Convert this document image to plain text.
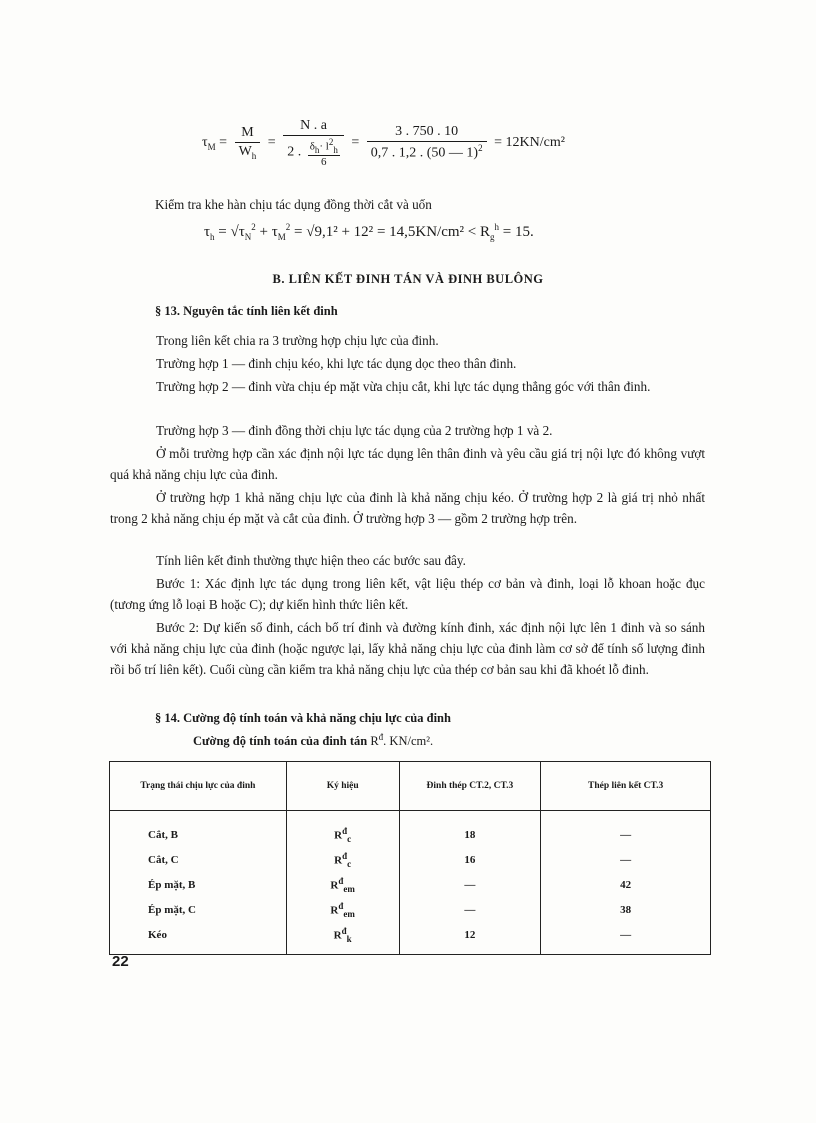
$\tau_M = \frac{M}{W_h} = \frac{N . a}{2 . \frac{\delta_h\cdot l^2_h}{6}} = \frac{3 . 750 . 10}{0,7 . 1,2 . (50 — 1)^2} = 12KN/cm^2$

Kiểm tra khe hàn chịu tác dụng đồng thời cắt và uốn

$\tau_h = √\tau_N^2 + \tau_M^2 = √9,1^2 + 12^2 = 14,5KN/cm^2 < R_g^h = 15$.
B. LIÊN KẾT ĐINH TÁN VÀ ĐINH BULÔNG
§ 13. Nguyên tắc tính liên kết đinh

Trong liên kết chia ra 3 trường hợp chịu lực của đinh.

Trường hợp 1 — đinh chịu kéo, khi lực tác dụng dọc theo thân đinh.

Trường hợp 2 — đinh vừa chịu ép mặt vừa chịu cắt, khi lực tác dụng thẳng góc với thân đinh.

Trường hợp 3 — đinh đồng thời chịu lực tác dụng của 2 trường hợp 1 và 2.

Ở mỗi trường hợp cần xác định nội lực tác dụng lên thân đinh và yêu cầu giá trị nội lực đó không vượt quá khả năng chịu lực của đinh.

Ở trường hợp 1 khả năng chịu lực của đinh là khả năng chịu kéo. Ở trường hợp 2 là giá trị nhỏ nhất trong 2 khả năng chịu ép mặt và cắt của đinh. Ở trường hợp 3 — gồm 2 trường hợp trên.

Tính liên kết đinh thường thực hiện theo các bước sau đây.

Bước 1: Xác định lực tác dụng trong liên kết, vật liệu thép cơ bản và đinh, loại lỗ khoan hoặc đục (tương ứng lỗ loại B hoặc C); dự kiến hình thức liên kết.

Bước 2: Dự kiến số đinh, cách bố trí đinh và đường kính đinh, xác định nội lực lên 1 đinh và so sánh với khả năng chịu lực của đinh (hoặc ngược lại, lấy khả năng chịu lực của đinh làm cơ sở để tính số lượng đinh rồi bố trí liên kết). Cuối cùng cần kiểm tra khả năng chịu lực của thép cơ bản sau khi đã khoét lỗ đinh.

§ 14. Cường độ tính toán và khả năng chịu lực của đinh
Cường độ tính toán của đinh tán $R^đ$. KN/cm².
Trạng thái chịu lực của đinh	Ký hiệu	Đinh thép CT.2, CT.3	Thép liên kết CT.3
Cắt, B	$R^đ_c$	18	—
Cắt, C	$R^đ_c$	16	—
Ép mặt, B	$R^đ_{em}$	—	42
Ép mặt, C	$R^đ_{em}$	—	38
Kéo	$R^đ_k$	12	—
22
